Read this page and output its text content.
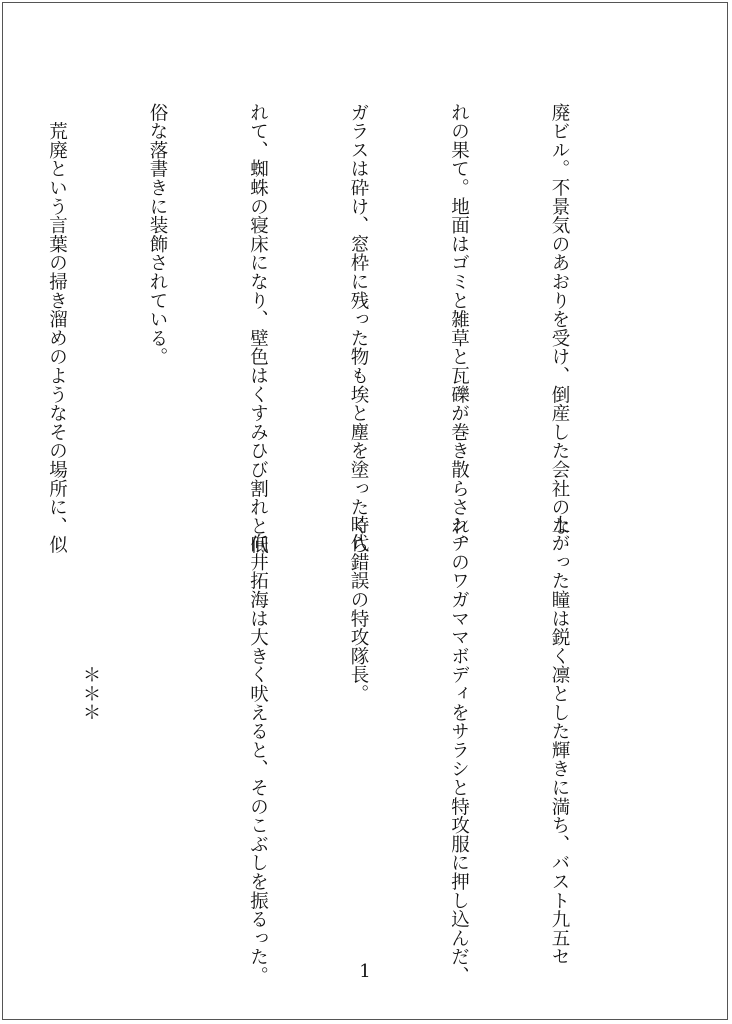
廃ビル。不景気のあおりを受け、倒産した会社のな

れの果て。地面はゴミと雑草と瓦礫が巻き散らされ、

ガラスは砕け、窓枠に残った物も埃と塵を塗ったくら

れて、蜘蛛の寝床になり、壁色はくすみひび割れと低

俗な落書きに装飾されている。

　荒廃という言葉の掃き溜めのようなその場所に、似

上がった瞳は鋭く凛とした輝きに満ち、バスト九五セ

ンチのワガママボディをサラシと特攻服に押し込んだ、

時代錯誤の特攻隊長。

　向井拓海は大きく吠えると、そのこぶしを振るった。

　　　　　　　　＊＊＊

1
